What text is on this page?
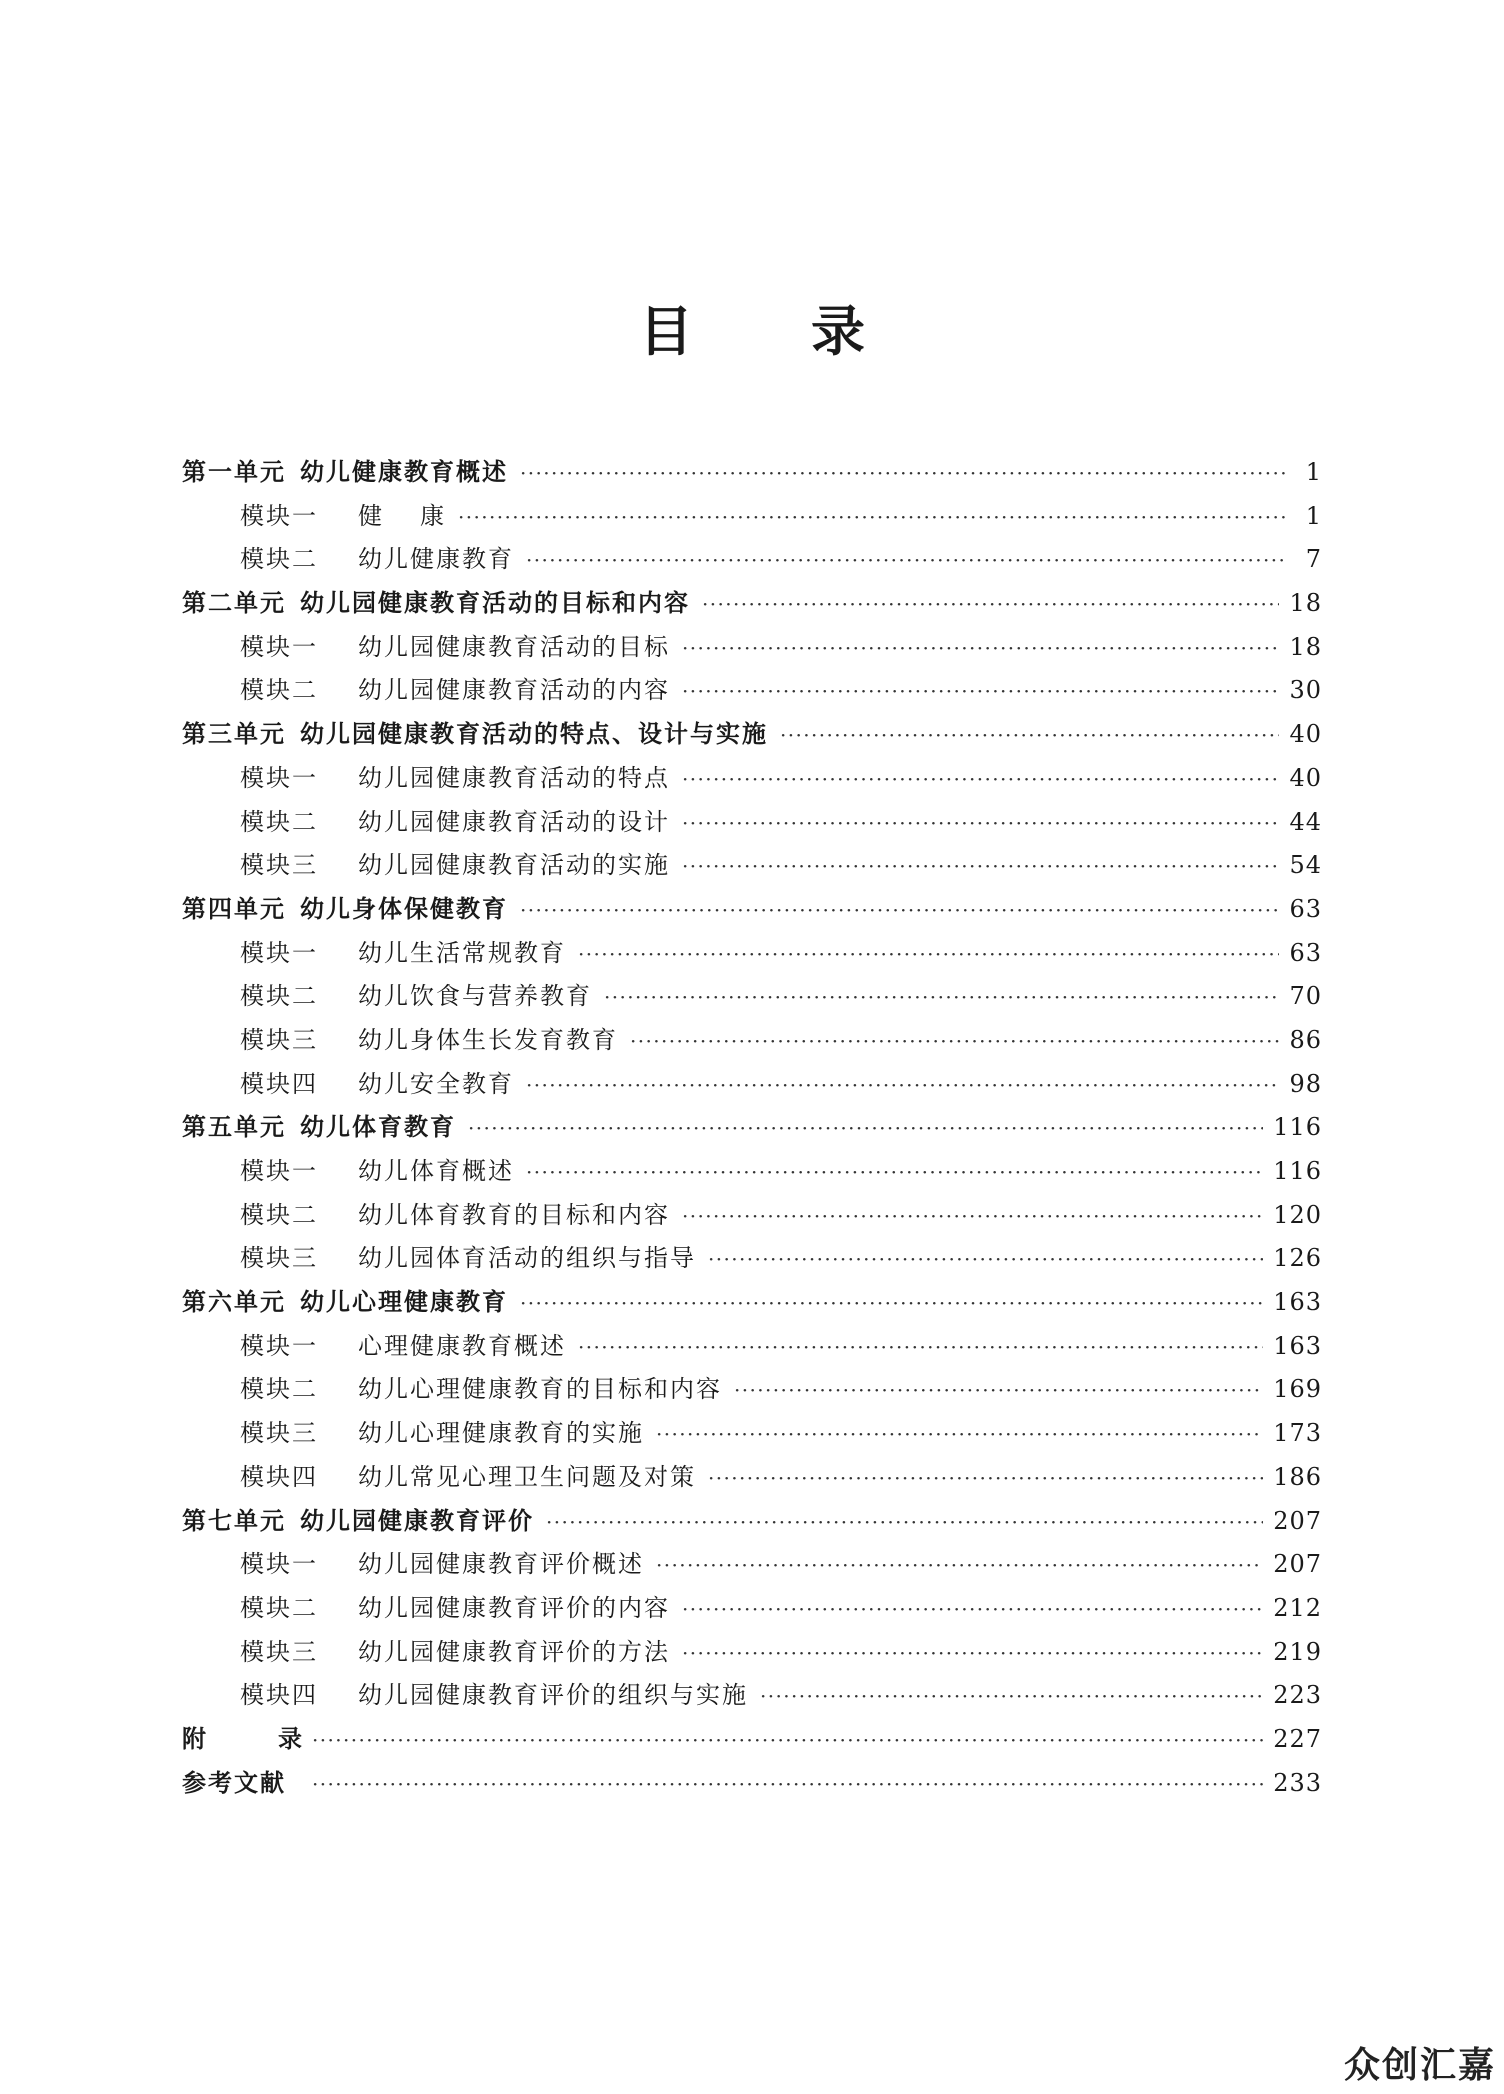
目录
第一单元 幼儿健康教育概述 ·····	1
模块一	健康 ·····	1
模块二	幼儿健康教育 ·····	7
第二单元 幼儿园健康教育活动的目标和内容 ·····	18
模块一	幼儿园健康教育活动的目标 ·····	18
模块二	幼儿园健康教育活动的内容 ·····	30
第三单元 幼儿园健康教育活动的特点、设计与实施 ·····	40
模块一	幼儿园健康教育活动的特点 ·····	40
模块二	幼儿园健康教育活动的设计 ·····	44
模块三	幼儿园健康教育活动的实施 ·····	54
第四单元 幼儿身体保健教育 ·····	63
模块一	幼儿生活常规教育 ·····	63
模块二	幼儿饮食与营养教育 ·····	70
模块三	幼儿身体生长发育教育 ·····	86
模块四	幼儿安全教育 ·····	98
第五单元 幼儿体育教育 ·····	116
模块一	幼儿体育概述 ·····	116
模块二	幼儿体育教育的目标和内容 ·····	120
模块三	幼儿园体育活动的组织与指导 ·····	126
第六单元 幼儿心理健康教育 ·····	163
模块一	心理健康教育概述 ·····	163
模块二	幼儿心理健康教育的目标和内容 ·····	169
模块三	幼儿心理健康教育的实施 ·····	173
模块四	幼儿常见心理卫生问题及对策 ·····	186
第七单元 幼儿园健康教育评价 ·····	207
模块一	幼儿园健康教育评价概述 ·····	207
模块二	幼儿园健康教育评价的内容 ·····	212
模块三	幼儿园健康教育评价的方法 ·····	219
模块四	幼儿园健康教育评价的组织与实施 ·····	223
附录 ·····	227
参考文献 ·····	233
众创汇嘉
